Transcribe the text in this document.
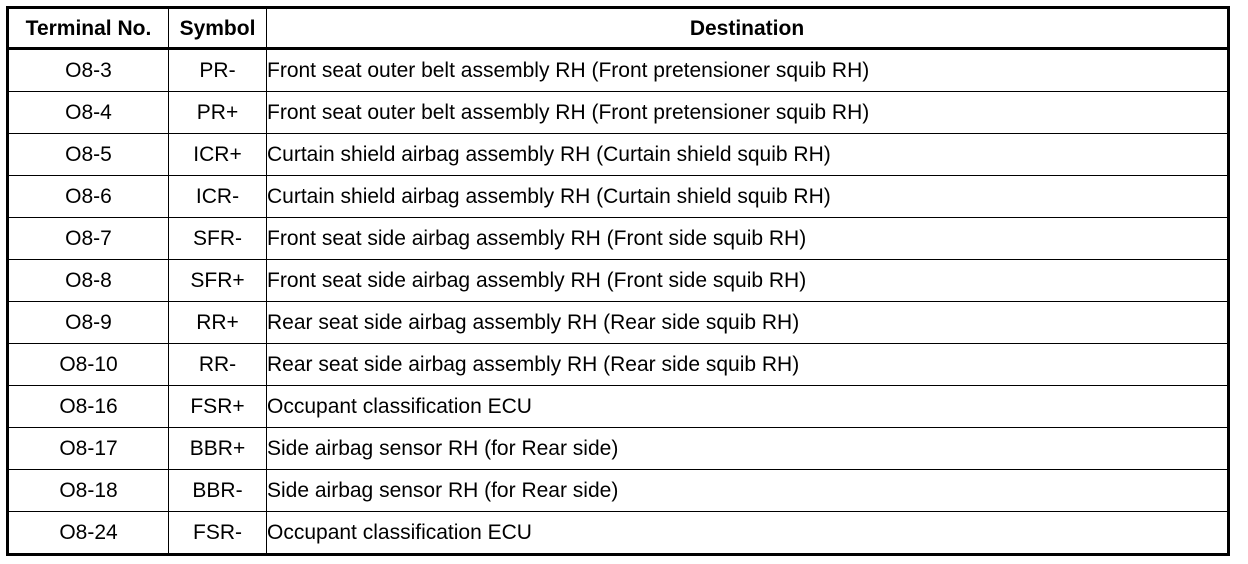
Terminal No.	Symbol	Destination
O8-3	PR-	Front seat outer belt assembly RH (Front pretensioner squib RH)
O8-4	PR+	Front seat outer belt assembly RH (Front pretensioner squib RH)
O8-5	ICR+	Curtain shield airbag assembly RH (Curtain shield squib RH)
O8-6	ICR-	Curtain shield airbag assembly RH (Curtain shield squib RH)
O8-7	SFR-	Front seat side airbag assembly RH (Front side squib RH)
O8-8	SFR+	Front seat side airbag assembly RH (Front side squib RH)
O8-9	RR+	Rear seat side airbag assembly RH (Rear side squib RH)
O8-10	RR-	Rear seat side airbag assembly RH (Rear side squib RH)
O8-16	FSR+	Occupant classification ECU
O8-17	BBR+	Side airbag sensor RH (for Rear side)
O8-18	BBR-	Side airbag sensor RH (for Rear side)
O8-24	FSR-	Occupant classification ECU
